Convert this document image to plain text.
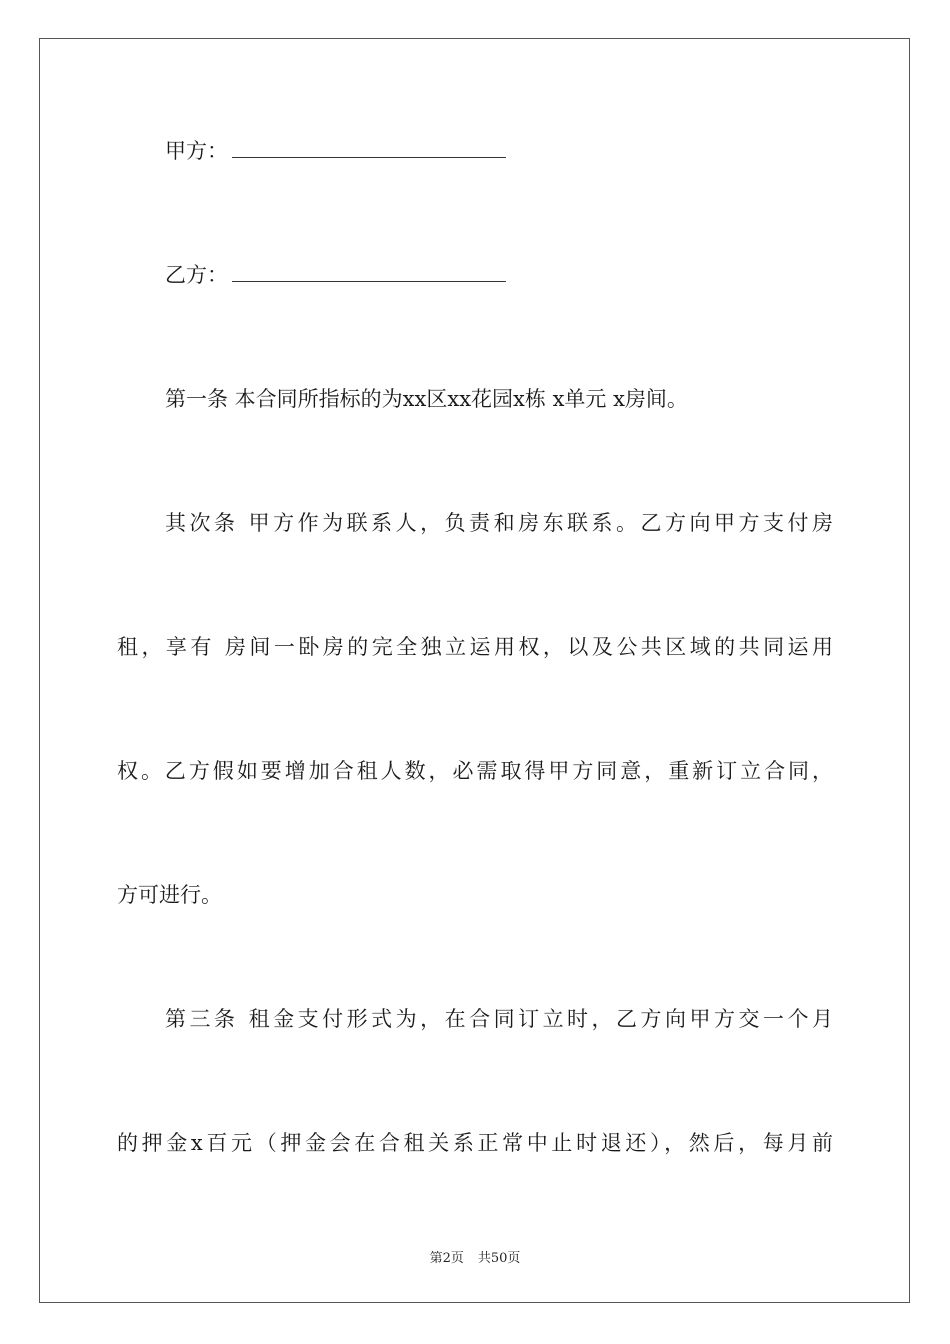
甲方：
乙方：
第一条 本合同所指标的为xx区xx花园x栋 x单元 x房间。
其次条 甲方作为联系人，负责和房东联系。乙方向甲方支付房
租，享有 房间一卧房的完全独立运用权，以及公共区域的共同运用
权。乙方假如要增加合租人数，必需取得甲方同意，重新订立合同，
方可进行。
第三条 租金支付形式为，在合同订立时，乙方向甲方交一个月
的押金x百元（押金会在合租关系正常中止时退还），然后，每月前
第2页 共50页
